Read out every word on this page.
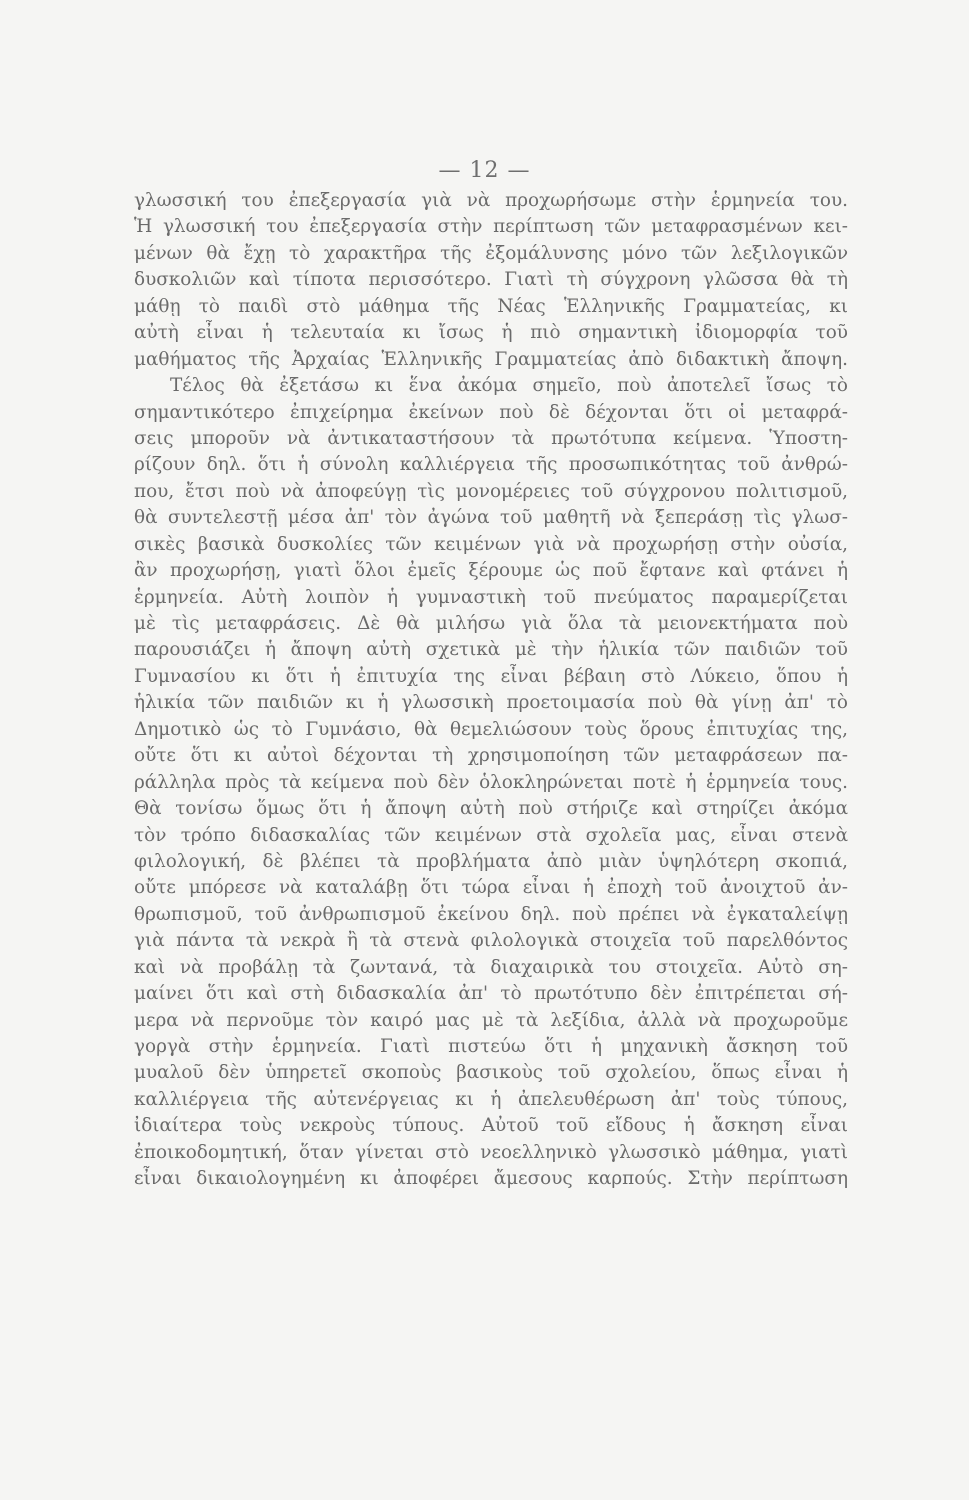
— 12 —
γλωσσική του ἐπεξεργασία γιὰ νὰ προχωρήσωμε στὴν ἑρμηνεία του.
Ἡ γλωσσική του ἐπεξεργασία στὴν περίπτωση τῶν μεταφρασμένων κει-
μένων θὰ ἔχῃ τὸ χαρακτῆρα τῆς ἐξομάλυνσης μόνο τῶν λεξιλογικῶν
δυσκολιῶν καὶ τίποτα περισσότερο. Γιατὶ τὴ σύγχρονη γλῶσσα θὰ τὴ
μάθῃ τὸ παιδὶ στὸ μάθημα τῆς Νέας Ἑλληνικῆς Γραμματείας, κι
αὐτὴ εἶναι ἡ τελευταία κι ἴσως ἡ πιὸ σημαντικὴ ἰδιομορφία τοῦ
μαθήματος τῆς Ἀρχαίας Ἑλληνικῆς Γραμματείας ἀπὸ διδακτικὴ ἄποψη.
Τέλος θὰ ἐξετάσω κι ἕνα ἀκόμα σημεῖο, ποὺ ἀποτελεῖ ἴσως τὸ
σημαντικότερο ἐπιχείρημα ἐκείνων ποὺ δὲ δέχονται ὅτι οἱ μεταφρά-
σεις μποροῦν νὰ ἀντικαταστήσουν τὰ πρωτότυπα κείμενα. Ὑποστη-
ρίζουν δηλ. ὅτι ἡ σύνολη καλλιέργεια τῆς προσωπικότητας τοῦ ἀνθρώ-
που, ἔτσι ποὺ νὰ ἀποφεύγῃ τὶς μονομέρειες τοῦ σύγχρονου πολιτισμοῦ,
θὰ συντελεστῇ μέσα ἀπ' τὸν ἀγώνα τοῦ μαθητῆ νὰ ξεπεράσῃ τὶς γλωσ-
σικὲς βασικὰ δυσκολίες τῶν κειμένων γιὰ νὰ προχωρήσῃ στὴν οὐσία,
ἂν προχωρήσῃ, γιατὶ ὅλοι ἐμεῖς ξέρουμε ὡς ποῦ ἔφτανε καὶ φτάνει ἡ
ἑρμηνεία. Αὐτὴ λοιπὸν ἡ γυμναστικὴ τοῦ πνεύματος παραμερίζεται
μὲ τὶς μεταφράσεις. Δὲ θὰ μιλήσω γιὰ ὅλα τὰ μειονεκτήματα ποὺ
παρουσιάζει ἡ ἄποψη αὐτὴ σχετικὰ μὲ τὴν ἡλικία τῶν παιδιῶν τοῦ
Γυμνασίου κι ὅτι ἡ ἐπιτυχία της εἶναι βέβαιη στὸ Λύκειο, ὅπου ἡ
ἡλικία τῶν παιδιῶν κι ἡ γλωσσικὴ προετοιμασία ποὺ θὰ γίνῃ ἀπ' τὸ
Δημοτικὸ ὡς τὸ Γυμνάσιο, θὰ θεμελιώσουν τοὺς ὅρους ἐπιτυχίας της,
οὔτε ὅτι κι αὐτοὶ δέχονται τὴ χρησιμοποίηση τῶν μεταφράσεων πα-
ράλληλα πρὸς τὰ κείμενα ποὺ δὲν ὁλοκληρώνεται ποτὲ ἡ ἑρμηνεία τους.
Θὰ τονίσω ὅμως ὅτι ἡ ἄποψη αὐτὴ ποὺ στήριζε καὶ στηρίζει ἀκόμα
τὸν τρόπο διδασκαλίας τῶν κειμένων στὰ σχολεῖα μας, εἶναι στενὰ
φιλολογική, δὲ βλέπει τὰ προβλήματα ἀπὸ μιὰν ὑψηλότερη σκοπιά,
οὔτε μπόρεσε νὰ καταλάβῃ ὅτι τώρα εἶναι ἡ ἐποχὴ τοῦ ἀνοιχτοῦ ἀν-
θρωπισμοῦ, τοῦ ἀνθρωπισμοῦ ἐκείνου δηλ. ποὺ πρέπει νὰ ἐγκαταλείψῃ
γιὰ πάντα τὰ νεκρὰ ἢ τὰ στενὰ φιλολογικὰ στοιχεῖα τοῦ παρελθόντος
καὶ νὰ προβάλῃ τὰ ζωντανά, τὰ διαχαιρικὰ του στοιχεῖα. Αὐτὸ ση-
μαίνει ὅτι καὶ στὴ διδασκαλία ἀπ' τὸ πρωτότυπο δὲν ἐπιτρέπεται σή-
μερα νὰ περνοῦμε τὸν καιρό μας μὲ τὰ λεξίδια, ἀλλὰ νὰ προχωροῦμε
γοργὰ στὴν ἑρμηνεία. Γιατὶ πιστεύω ὅτι ἡ μηχανικὴ ἄσκηση τοῦ
μυαλοῦ δὲν ὑπηρετεῖ σκοποὺς βασικοὺς τοῦ σχολείου, ὅπως εἶναι ἡ
καλλιέργεια τῆς αὐτενέργειας κι ἡ ἀπελευθέρωση ἀπ' τοὺς τύπους,
ἰδιαίτερα τοὺς νεκροὺς τύπους. Αὐτοῦ τοῦ εἴδους ἡ ἄσκηση εἶναι
ἐποικοδομητική, ὅταν γίνεται στὸ νεοελληνικὸ γλωσσικὸ μάθημα, γιατὶ
εἶναι δικαιολογημένη κι ἀποφέρει ἄμεσους καρπούς. Στὴν περίπτωση
